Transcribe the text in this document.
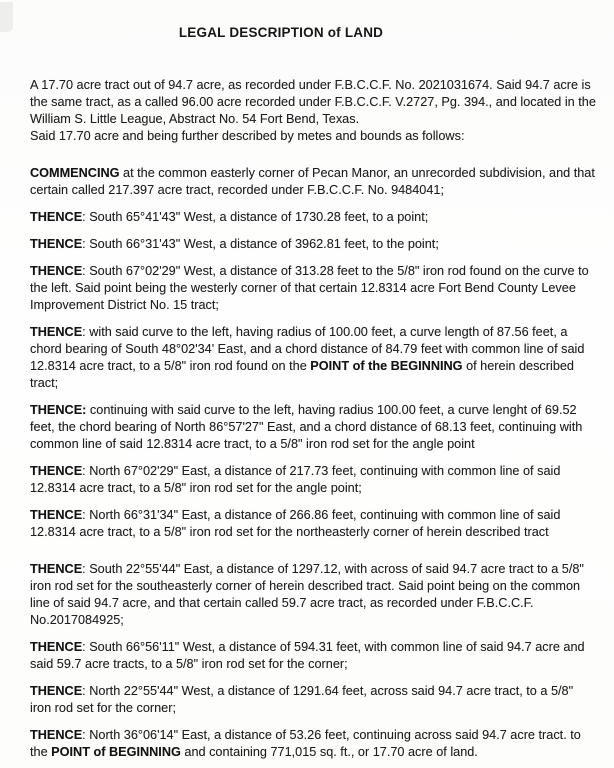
LEGAL DESCRIPTION of LAND

A 17.70 acre tract out of 94.7 acre, as recorded under F.B.C.C.F. No. 2021031674. Said 94.7 acre is the same tract, as a called 96.00 acre recorded under F.B.C.C.F. V.2727, Pg. 394., and located in the William S. Little League, Abstract No. 54 Fort Bend, Texas.

Said 17.70 acre and being further described by metes and bounds as follows:

COMMENCING at the common easterly corner of Pecan Manor, an unrecorded subdivision, and that certain called 217.397 acre tract, recorded under F.B.C.C.F. No. 9484041;

THENCE: South 65°41'43" West, a distance of 1730.28 feet, to a point;

THENCE: South 66°31'43" West, a distance of 3962.81 feet, to the point;

THENCE: South 67°02'29" West, a distance of 313.28 feet to the 5/8" iron rod found on the curve to the left. Said point being the westerly corner of that certain 12.8314 acre Fort Bend County Levee Improvement District No. 15 tract;

THENCE: with said curve to the left, having radius of 100.00 feet, a curve length of 87.56 feet, a chord bearing of South 48°02'34' East, and a chord distance of 84.79 feet with common line of said 12.8314 acre tract, to a 5/8" iron rod found on the POINT of the BEGINNING of herein described tract;

THENCE: continuing with said curve to the left, having radius 100.00 feet, a curve lenght of 69.52 feet, the chord bearing of North 86°57'27" East, and a chord distance of 68.13 feet, continuing with common line of said 12.8314 acre tract, to a 5/8" iron rod set for the angle point

THENCE: North 67°02'29" East, a distance of 217.73 feet, continuing with common line of said 12.8314 acre tract, to a 5/8" iron rod set for the angle point;

THENCE: North 66°31'34" East, a distance of 266.86 feet, continuing with common line of said 12.8314 acre tract, to a 5/8" iron rod set for the northeasterly corner of herein described tract

THENCE: South 22°55'44" East, a distance of 1297.12, with across of said 94.7 acre tract to a 5/8" iron rod set for the southeasterly corner of herein described tract. Said point being on the common line of said 94.7 acre, and that certain called 59.7 acre tract, as recorded under F.B.C.C.F. No.2017084925;

THENCE: South 66°56'11" West, a distance of 594.31 feet, with common line of said 94.7 acre and said 59.7 acre tracts, to a 5/8" iron rod set for the corner;

THENCE: North 22°55'44" West, a distance of 1291.64 feet, across said 94.7 acre tract, to a 5/8" iron rod set for the corner;

THENCE: North 36°06'14" East, a distance of 53.26 feet, continuing across said 94.7 acre tract. to the POINT of BEGINNING and containing 771,015 sq. ft., or 17.70 acre of land.
